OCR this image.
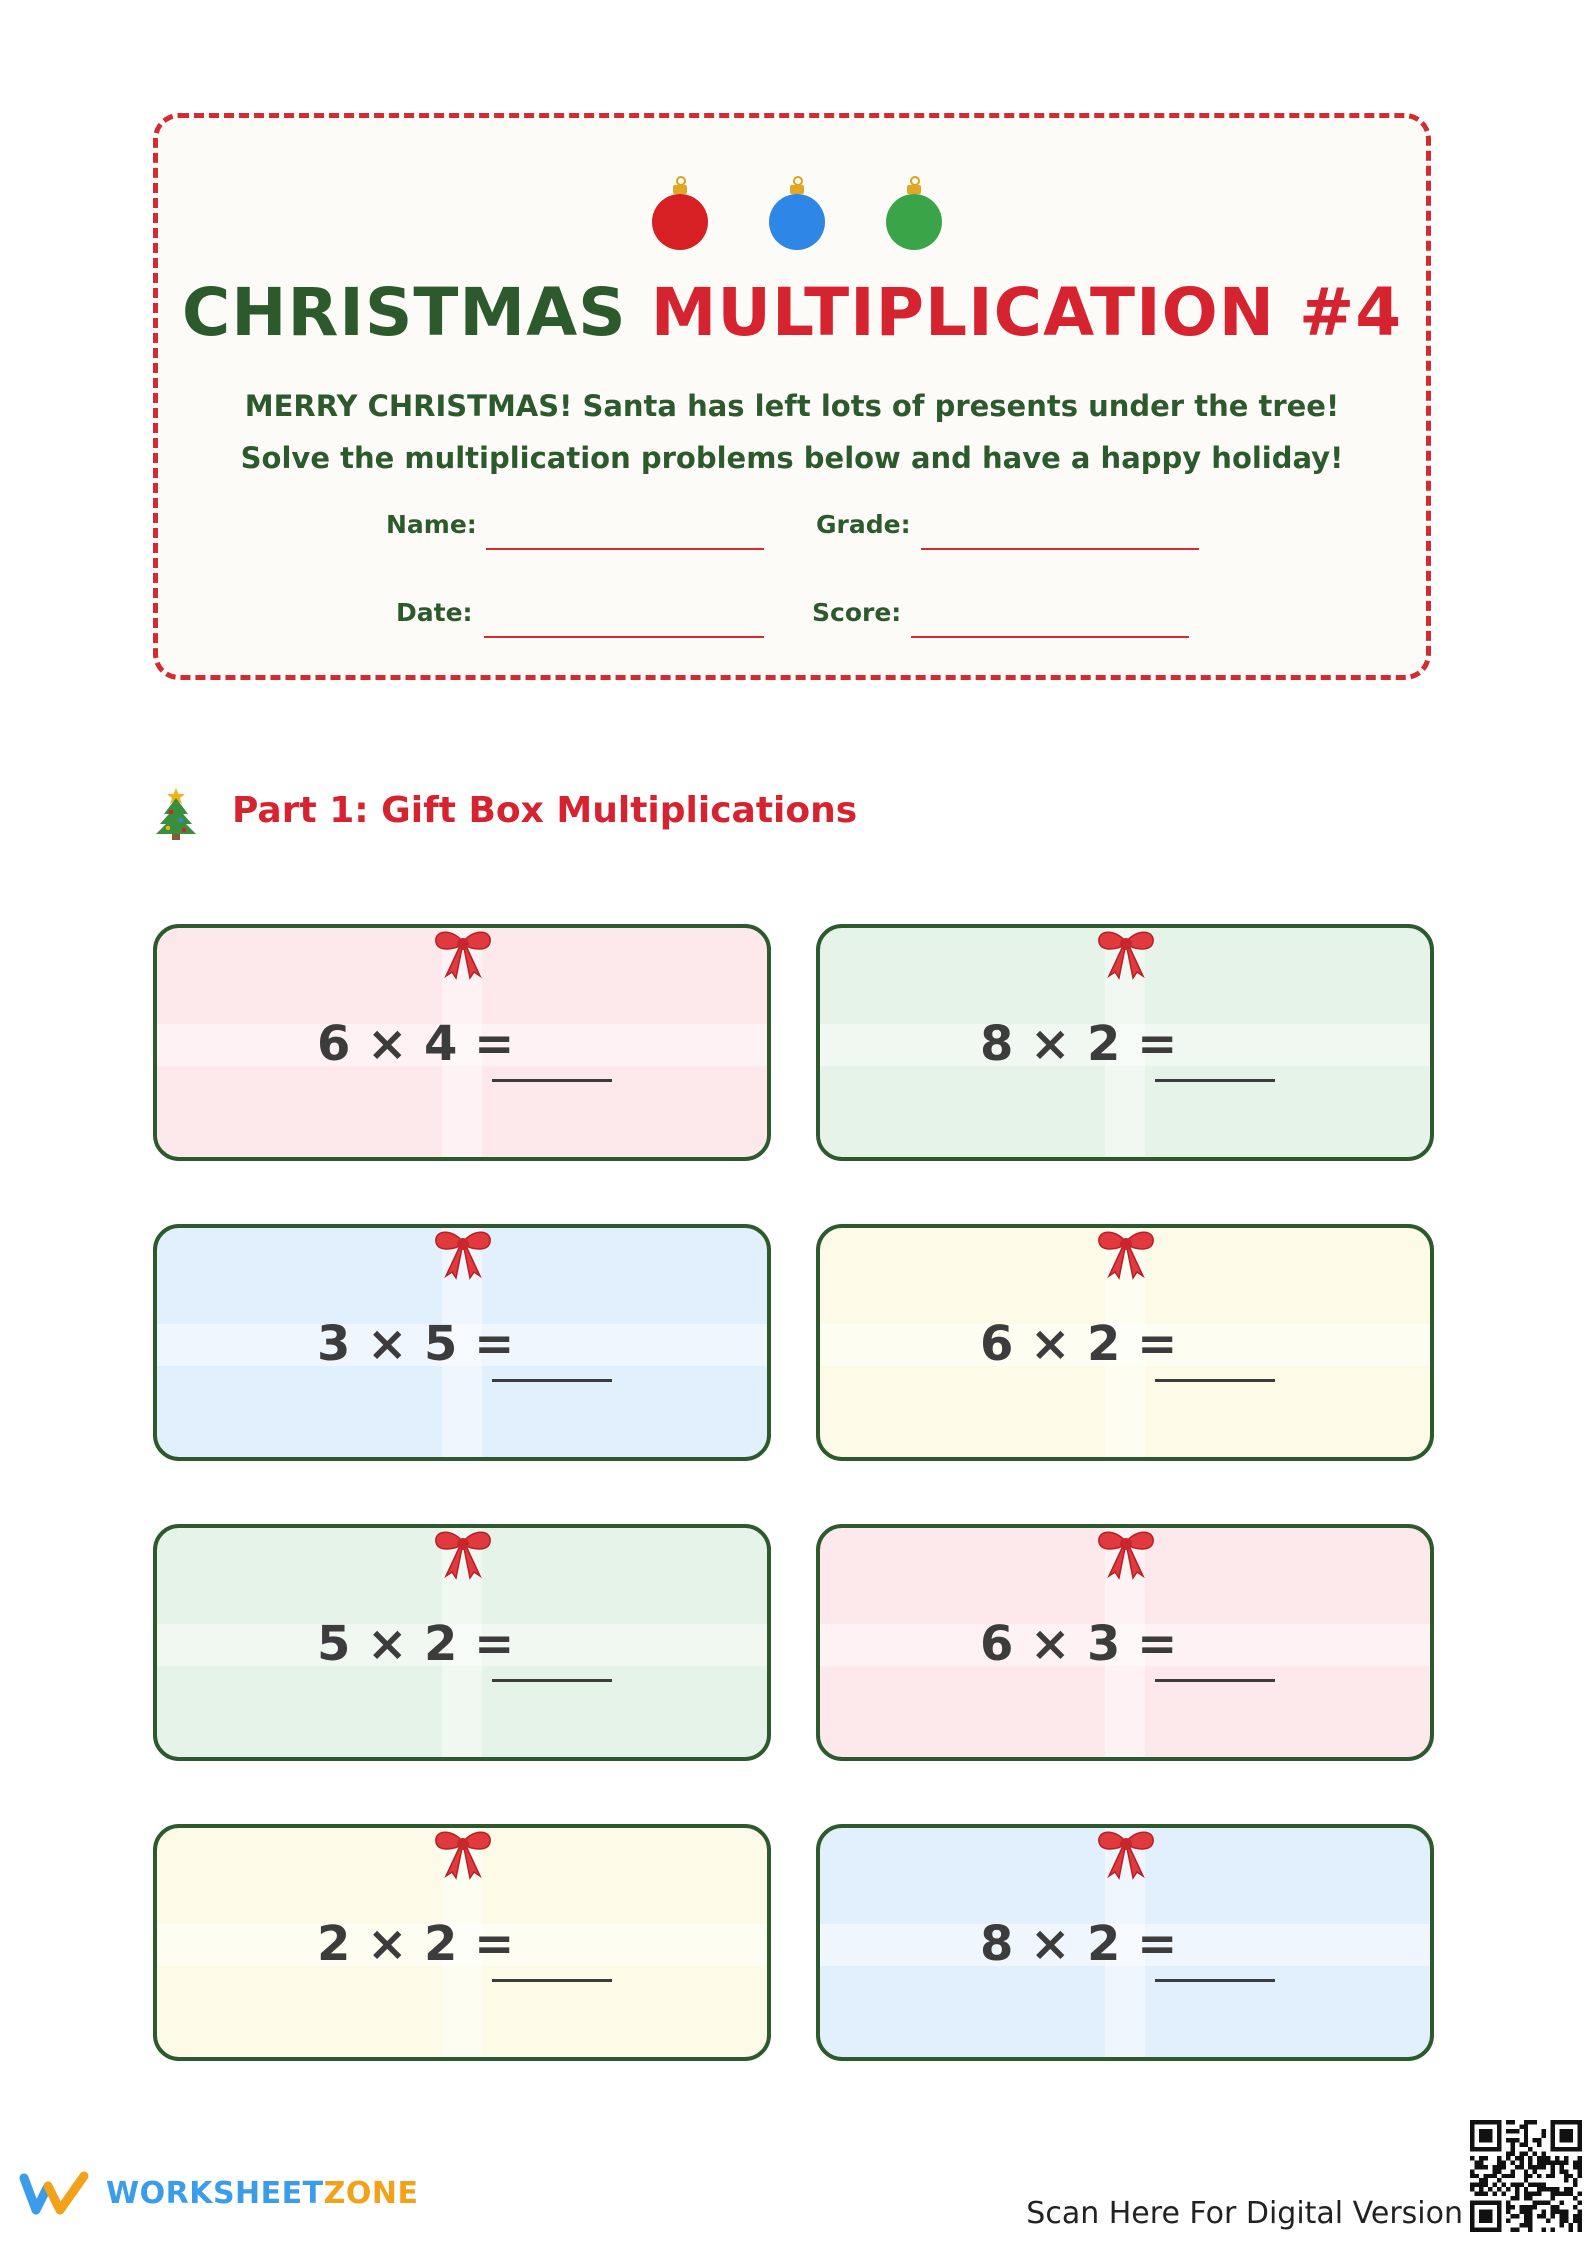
CHRISTMAS MULTIPLICATION #4

MERRY CHRISTMAS! Santa has left lots of presents under the tree! Solve the multiplication problems below and have a happy holiday!

Name:	Grade:
Date:	Score:
Part 1: Gift Box Multiplications
6 × 4 =	8 × 2 =
3 × 5 =	6 × 2 =
5 × 2 =	6 × 3 =
2 × 2 =	8 × 2 =
WORKSHEETZONE
Scan Here For Digital Version
